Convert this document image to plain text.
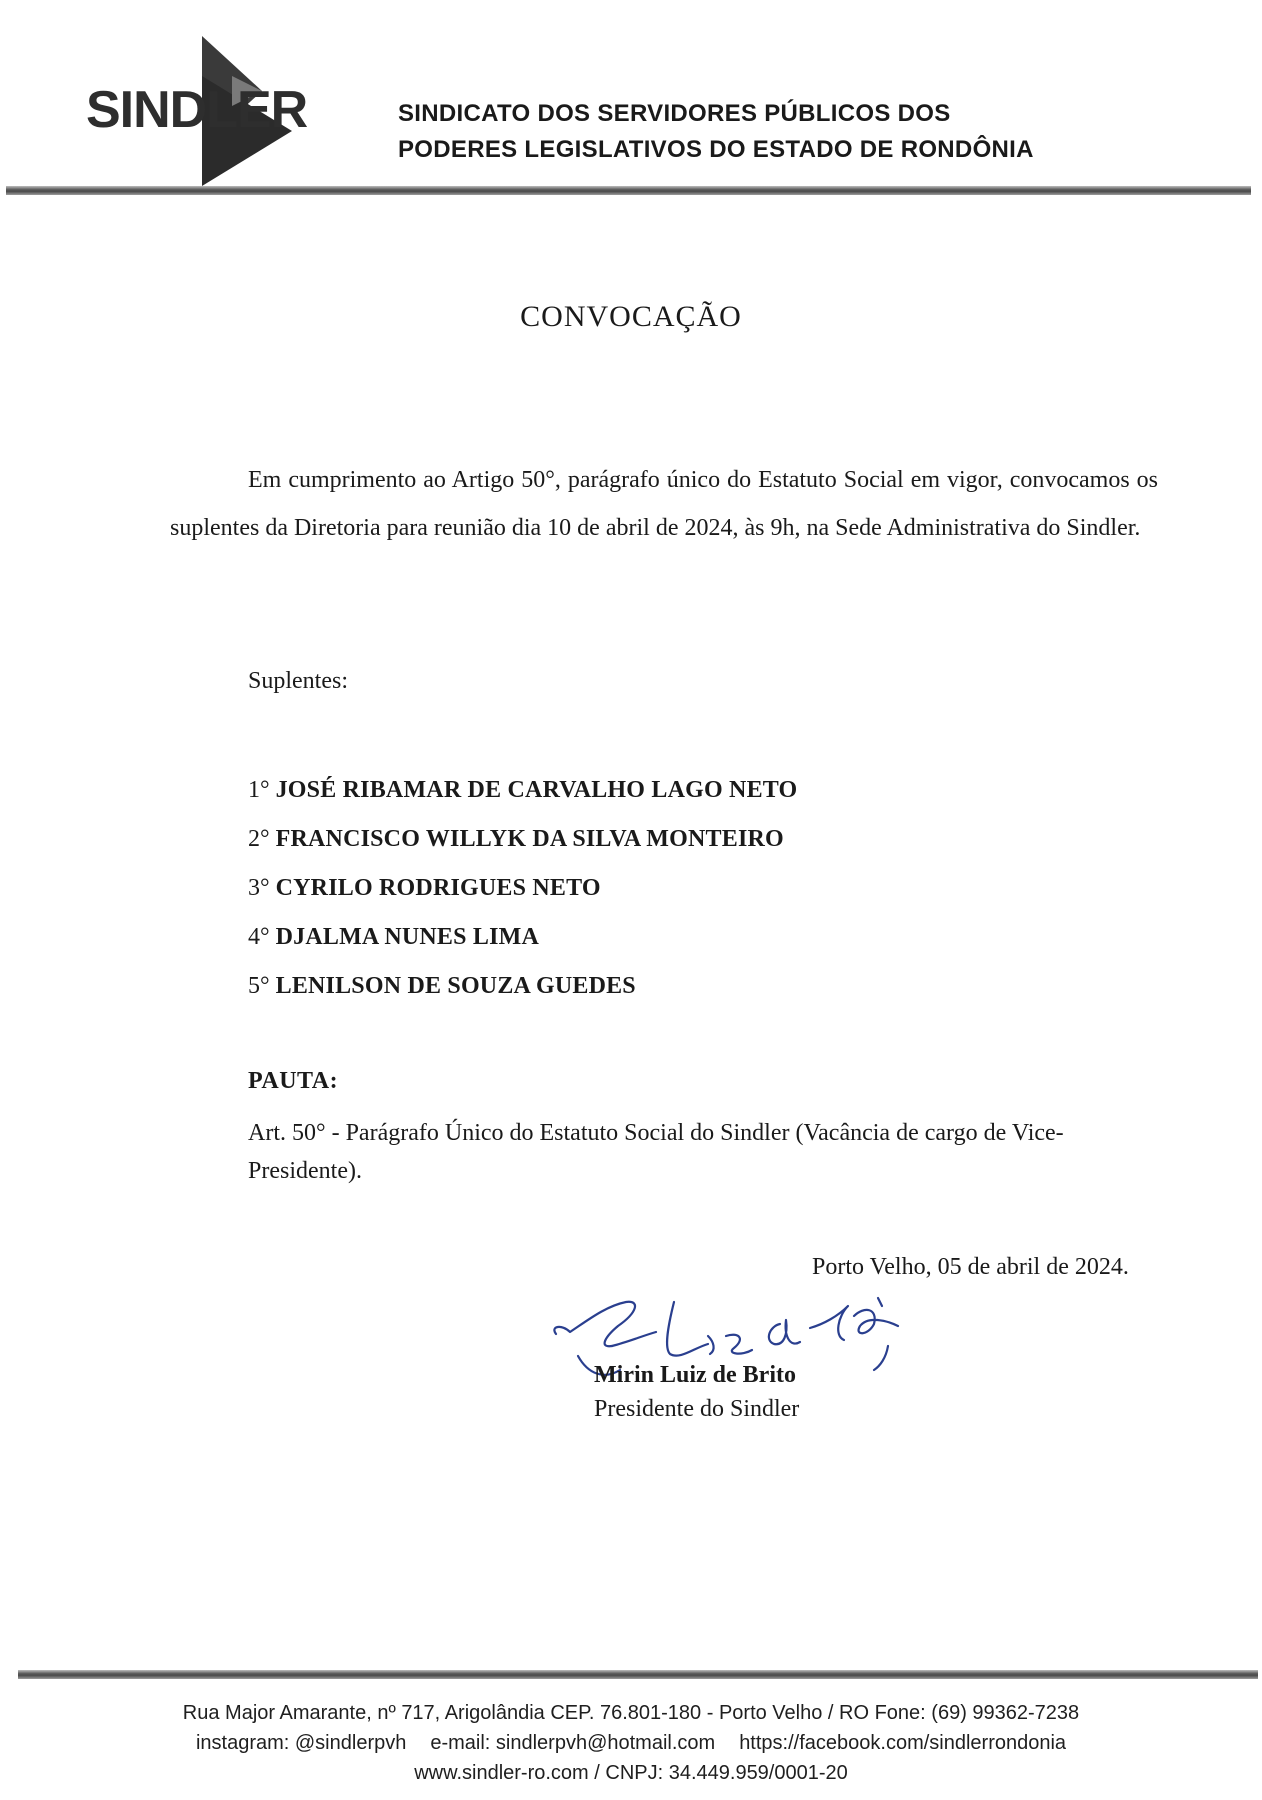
SINDLER	SINDICATO DOS SERVIDORES PÚBLICOS DOS
PODERES LEGISLATIVOS DO ESTADO DE RONDÔNIA
CONVOCAÇÃO
Em cumprimento ao Artigo 50°, parágrafo único do Estatuto Social em vigor, convocamos os suplentes da Diretoria para reunião dia 10 de abril de 2024, às 9h, na Sede Administrativa do Sindler.
Suplentes:
1° JOSÉ RIBAMAR DE CARVALHO LAGO NETO
2° FRANCISCO WILLYK DA SILVA MONTEIRO
3° CYRILO RODRIGUES NETO
4° DJALMA NUNES LIMA
5° LENILSON DE SOUZA GUEDES
PAUTA:
Art. 50° - Parágrafo Único do Estatuto Social do Sindler (Vacância de cargo de Vice-Presidente).
Porto Velho, 05 de abril de 2024.
Mirin Luiz de Brito
Presidente do Sindler
Rua Major Amarante, nº 717, Arigolândia CEP. 76.801-180 - Porto Velho / RO Fone: (69) 99362-7238
instagram: @sindlerpvh e-mail: sindlerpvh@hotmail.com https://facebook.com/sindlerrondonia
www.sindler-ro.com / CNPJ: 34.449.959/0001-20
